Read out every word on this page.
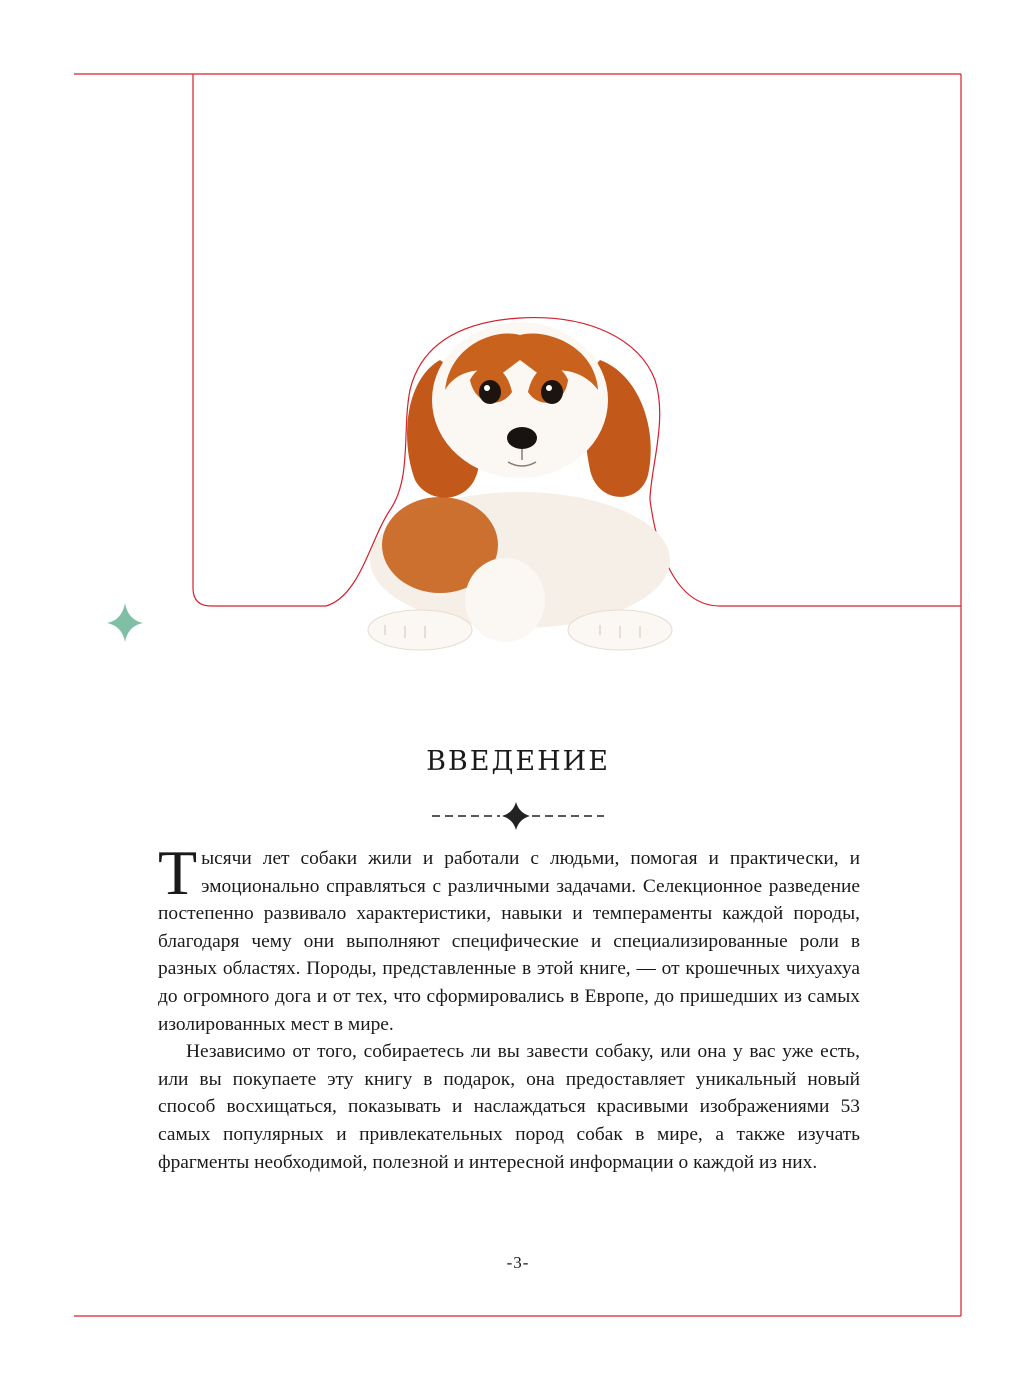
ВВЕДЕНИЕ

Тысячи лет собаки жили и работали с людьми, помогая и практически, и эмоционально справляться с различными задачами. Селекционное разведение постепенно развивало характеристики, навыки и темпераменты каждой породы, благодаря чему они выполняют специфические и специализированные роли в разных областях. Породы, представленные в этой книге, — от крошечных чихуахуа до огромного дога и от тех, что сформировались в Европе, до пришедших из самых изолированных мест в мире.

Независимо от того, собираетесь ли вы завести собаку, или она у вас уже есть, или вы покупаете эту книгу в подарок, она предоставляет уникальный новый способ восхищаться, показывать и наслаждаться красивыми изображениями 53 самых популярных и привлекательных пород собак в мире, а также изучать фрагменты необходимой, полезной и интересной информации о каждой из них.

-3-
